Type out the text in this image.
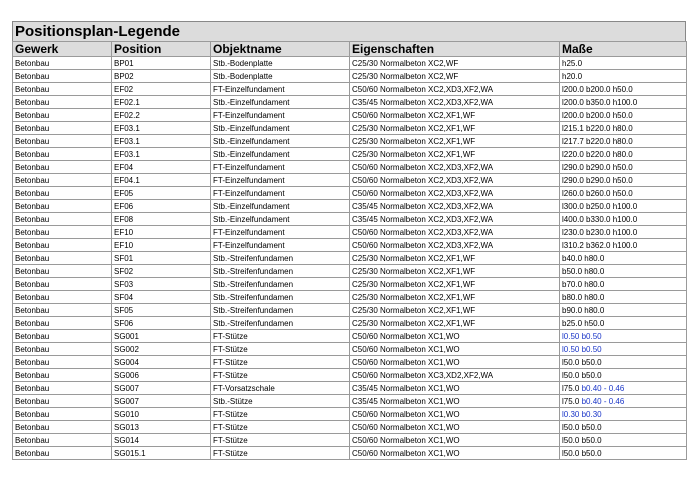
Positionsplan-Legende
Gewerk	Position	Objektname	Eigenschaften	Maße
Betonbau	BP01	Stb.-Bodenplatte	C25/30 Normalbeton XC2,WF	h25.0
Betonbau	BP02	Stb.-Bodenplatte	C25/30 Normalbeton XC2,WF	h20.0
Betonbau	EF02	FT-Einzelfundament	C50/60 Normalbeton XC2,XD3,XF2,WA	l200.0 b200.0 h50.0
Betonbau	EF02.1	Stb.-Einzelfundament	C35/45 Normalbeton XC2,XD3,XF2,WA	l200.0 b350.0 h100.0
Betonbau	EF02.2	FT-Einzelfundament	C50/60 Normalbeton XC2,XF1,WF	l200.0 b200.0 h50.0
Betonbau	EF03.1	Stb.-Einzelfundament	C25/30 Normalbeton XC2,XF1,WF	l215.1 b220.0 h80.0
Betonbau	EF03.1	Stb.-Einzelfundament	C25/30 Normalbeton XC2,XF1,WF	l217.7 b220.0 h80.0
Betonbau	EF03.1	Stb.-Einzelfundament	C25/30 Normalbeton XC2,XF1,WF	l220.0 b220.0 h80.0
Betonbau	EF04	FT-Einzelfundament	C50/60 Normalbeton XC2,XD3,XF2,WA	l290.0 b290.0 h50.0
Betonbau	EF04.1	FT-Einzelfundament	C50/60 Normalbeton XC2,XD3,XF2,WA	l290.0 b290.0 h50.0
Betonbau	EF05	FT-Einzelfundament	C50/60 Normalbeton XC2,XD3,XF2,WA	l260.0 b260.0 h50.0
Betonbau	EF06	Stb.-Einzelfundament	C35/45 Normalbeton XC2,XD3,XF2,WA	l300.0 b250.0 h100.0
Betonbau	EF08	Stb.-Einzelfundament	C35/45 Normalbeton XC2,XD3,XF2,WA	l400.0 b330.0 h100.0
Betonbau	EF10	FT-Einzelfundament	C50/60 Normalbeton XC2,XD3,XF2,WA	l230.0 b230.0 h100.0
Betonbau	EF10	FT-Einzelfundament	C50/60 Normalbeton XC2,XD3,XF2,WA	l310.2 b362.0 h100.0
Betonbau	SF01	Stb.-Streifenfundamen	C25/30 Normalbeton XC2,XF1,WF	b40.0 h80.0
Betonbau	SF02	Stb.-Streifenfundamen	C25/30 Normalbeton XC2,XF1,WF	b50.0 h80.0
Betonbau	SF03	Stb.-Streifenfundamen	C25/30 Normalbeton XC2,XF1,WF	b70.0 h80.0
Betonbau	SF04	Stb.-Streifenfundamen	C25/30 Normalbeton XC2,XF1,WF	b80.0 h80.0
Betonbau	SF05	Stb.-Streifenfundamen	C25/30 Normalbeton XC2,XF1,WF	b90.0 h80.0
Betonbau	SF06	Stb.-Streifenfundamen	C25/30 Normalbeton XC2,XF1,WF	b25.0 h50.0
Betonbau	SG001	FT-Stütze	C50/60 Normalbeton XC1,WO	l0.50 b0.50
Betonbau	SG002	FT-Stütze	C50/60 Normalbeton XC1,WO	l0.50 b0.50
Betonbau	SG004	FT-Stütze	C50/60 Normalbeton XC1,WO	l50.0 b50.0
Betonbau	SG006	FT-Stütze	C50/60 Normalbeton XC3,XD2,XF2,WA	l50.0 b50.0
Betonbau	SG007	FT-Vorsatzschale	C35/45 Normalbeton XC1,WO	l75.0 b0.40 - 0.46
Betonbau	SG007	Stb.-Stütze	C35/45 Normalbeton XC1,WO	l75.0 b0.40 - 0.46
Betonbau	SG010	FT-Stütze	C50/60 Normalbeton XC1,WO	l0.30 b0.30
Betonbau	SG013	FT-Stütze	C50/60 Normalbeton XC1,WO	l50.0 b50.0
Betonbau	SG014	FT-Stütze	C50/60 Normalbeton XC1,WO	l50.0 b50.0
Betonbau	SG015.1	FT-Stütze	C50/60 Normalbeton XC1,WO	l50.0 b50.0
